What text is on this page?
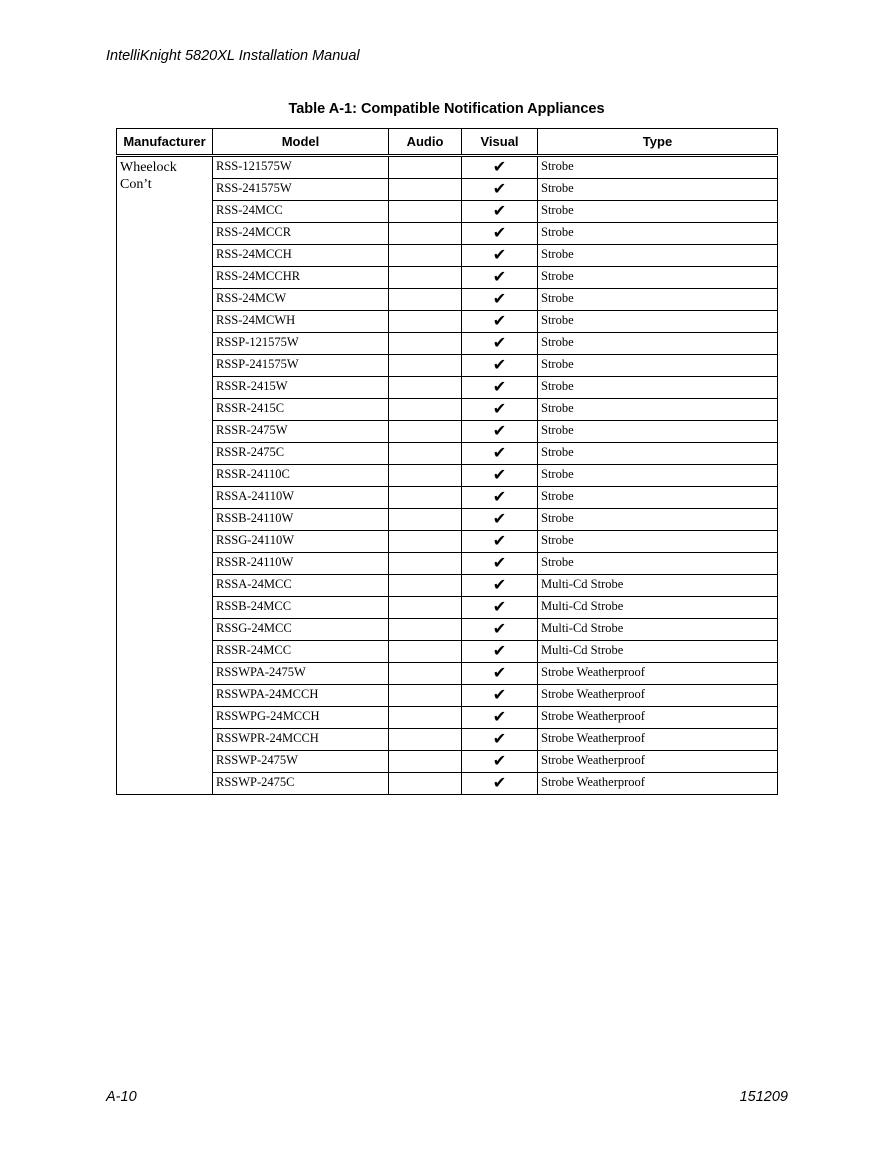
IntelliKnight 5820XL Installation Manual
Table A-1: Compatible Notification Appliances
Manufacturer	Model	Audio	Visual	Type

Wheelock
Con’t	RSS-121575W		✔	Strobe
	RSS-241575W		✔	Strobe
	RSS-24MCC		✔	Strobe
	RSS-24MCCR		✔	Strobe
	RSS-24MCCH		✔	Strobe
	RSS-24MCCHR		✔	Strobe
	RSS-24MCW		✔	Strobe
	RSS-24MCWH		✔	Strobe
	RSSP-121575W		✔	Strobe
	RSSP-241575W		✔	Strobe
	RSSR-2415W		✔	Strobe
	RSSR-2415C		✔	Strobe
	RSSR-2475W		✔	Strobe
	RSSR-2475C		✔	Strobe
	RSSR-24110C		✔	Strobe
	RSSA-24110W		✔	Strobe
	RSSB-24110W		✔	Strobe
	RSSG-24110W		✔	Strobe
	RSSR-24110W		✔	Strobe
	RSSA-24MCC		✔	Multi-Cd Strobe
	RSSB-24MCC		✔	Multi-Cd Strobe
	RSSG-24MCC		✔	Multi-Cd Strobe
	RSSR-24MCC		✔	Multi-Cd Strobe
	RSSWPA-2475W		✔	Strobe Weatherproof
	RSSWPA-24MCCH		✔	Strobe Weatherproof
	RSSWPG-24MCCH		✔	Strobe Weatherproof
	RSSWPR-24MCCH		✔	Strobe Weatherproof
	RSSWP-2475W		✔	Strobe Weatherproof
	RSSWP-2475C		✔	Strobe Weatherproof
A-10	151209
